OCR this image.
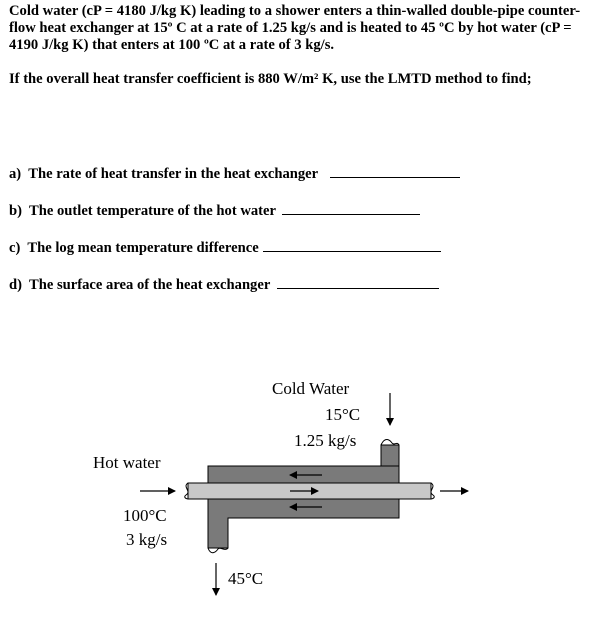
Cold water (cP = 4180 J/kg K) leading to a shower enters a thin-walled double-pipe counter-flow heat exchanger at 15º C at a rate of 1.25 kg/s and is heated to 45 ºC by hot water (cP = 4190 J/kg K) that enters at 100 ºC at a rate of 3 kg/s.

If the overall heat transfer coefficient is 880 W/m² K, use the LMTD method to find;

a) The rate of heat transfer in the heat exchanger
b) The outlet temperature of the hot water
c) The log mean temperature difference
d) The surface area of the heat exchanger
Cold Water
15°C
1.25 kg/s
Hot water
100°C
3 kg/s
45°C
